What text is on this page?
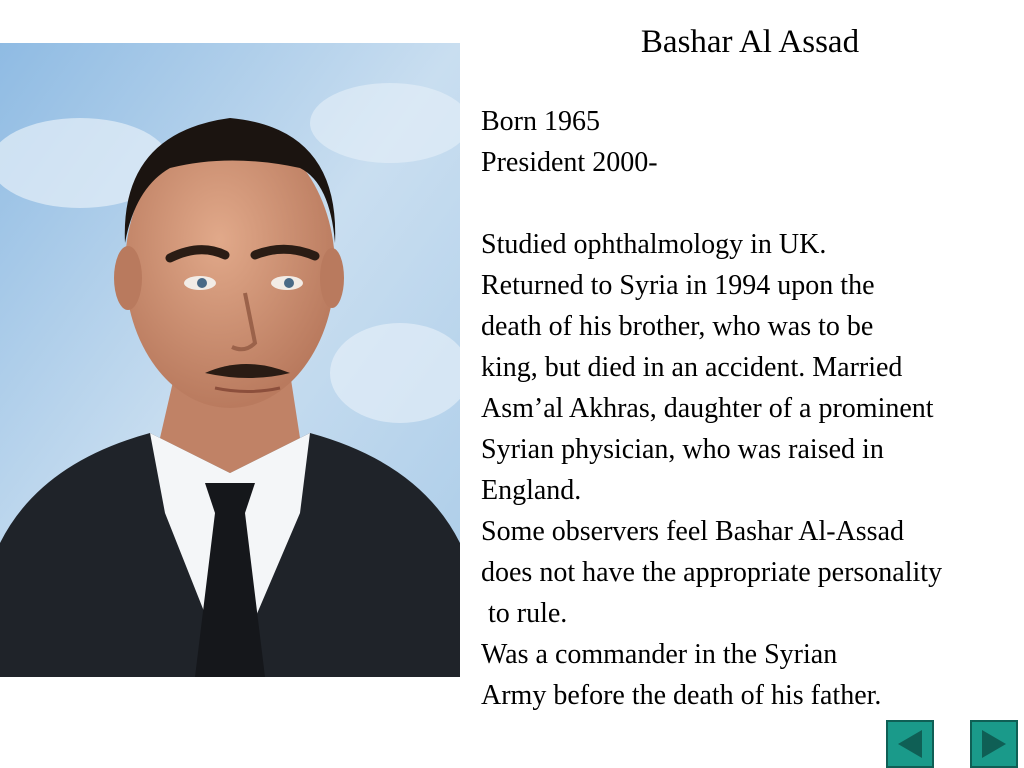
Bashar Al Assad
Born 1965
President 2000-
Studied ophthalmology in UK.
Returned to Syria in 1994 upon the
death of his brother, who was to be
king, but died in an accident. Married
Asm’al Akhras, daughter of a prominent
Syrian physician, who was raised in
England.
Some observers feel Bashar Al-Assad
does not have the appropriate personality
to rule.
Was a commander in the Syrian
Army before the death of his father.
